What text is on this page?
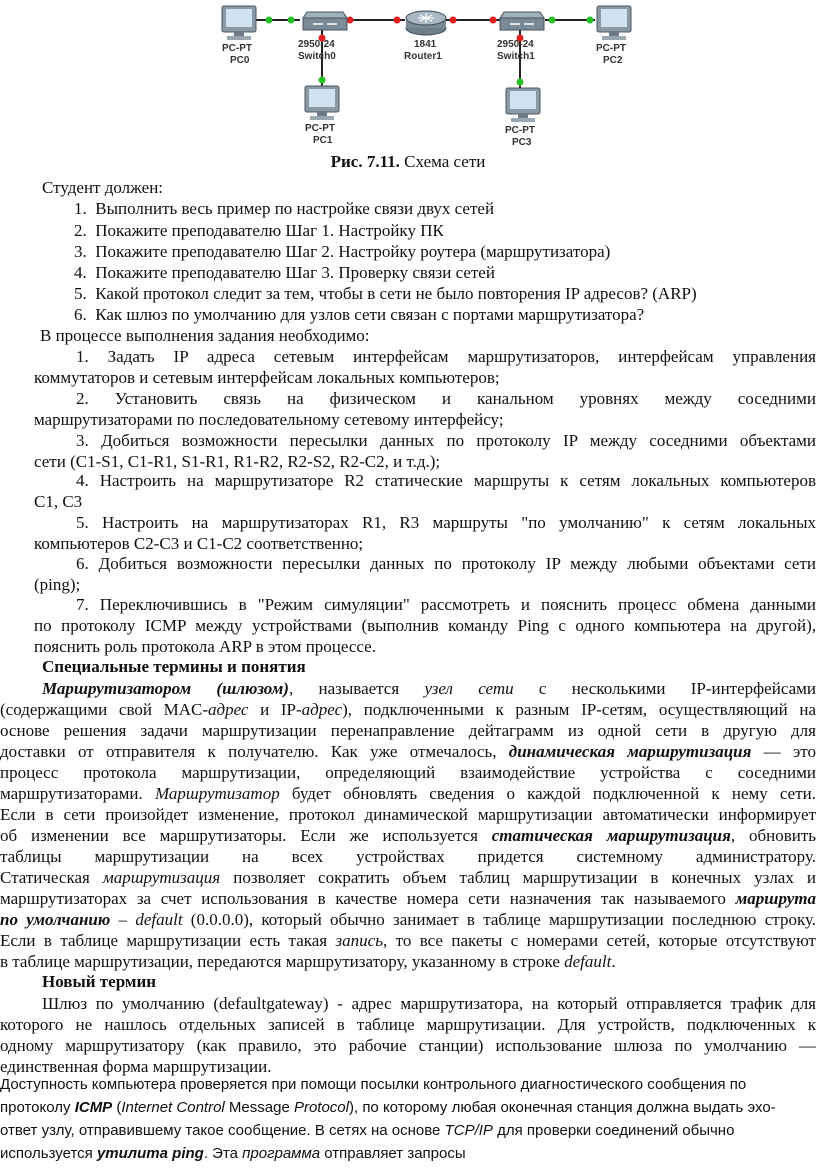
PC-PT
PC0
2950-24
Switch0
1841
Router1
2950-24
Switch1
PC-PT
PC2
PC-PT
PC1
PC-PT
PC3
Рис. 7.11. Схема сети
Студент должен:
1.  Выполнить весь пример по настройке связи двух сетей
2.  Покажите преподавателю Шаг 1. Настройку ПК
3.  Покажите преподавателю Шаг 2. Настройку роутера (маршрутизатора)
4.  Покажите преподавателю Шаг 3. Проверку связи сетей
5.  Какой протокол следит за тем, чтобы в сети не было повторения IP адресов? (ARP)
6.  Как шлюз по умолчанию для узлов сети связан с портами маршрутизатора?
В процессе выполнения задания необходимо:
1. Задать IP адреса сетевым интерфейсам маршрутизаторов, интерфейсам управления
коммутаторов и сетевым интерфейсам локальных компьютеров;
2. Установить связь на физическом и канальном уровнях между соседними
маршрутизаторами по последовательному сетевому интерфейсу;
3. Добиться возможности пересылки данных по протоколу IP между соседними объектами
сети (C1-S1, C1-R1, S1-R1, R1-R2, R2-S2, R2-C2, и т.д.);
4. Настроить на маршрутизаторе R2 статические маршруты к сетям локальных компьютеров
C1, C3
5. Настроить на маршрутизаторах R1, R3 маршруты "по умолчанию" к сетям локальных
компьютеров C2-C3 и C1-C2 соответственно;
6. Добиться возможности пересылки данных по протоколу IP между любыми объектами сети
(ping);
7. Переключившись в "Режим симуляции" рассмотреть и пояснить процесс обмена данными
по протоколу ICMP между устройствами (выполнив команду Ping с одного компьютера на другой),
пояснить роль протокола ARP в этом процессе.
Специальные термины и понятия
Маршрутизатором (шлюзом), называется узел сети с несколькими IP-интерфейсами
(содержащими свой MAC-адрес и IP-адрес), подключенными к разным IP-сетям, осуществляющий на
основе решения задачи маршрутизации перенаправление дейтаграмм из одной сети в другую для
доставки от отправителя к получателю. Как уже отмечалось, динамическая маршрутизация — это
процесс протокола маршрутизации, определяющий взаимодействие устройства с соседними
маршрутизаторами. Маршрутизатор будет обновлять сведения о каждой подключенной к нему сети.
Если в сети произойдет изменение, протокол динамической маршрутизации автоматически информирует
об изменении все маршрутизаторы. Если же используется статическая маршрутизация, обновить
таблицы маршрутизации на всех устройствах придется системному администратору.
Статическая маршрутизация позволяет сократить объем таблиц маршрутизации в конечных узлах и
маршрутизаторах за счет использования в качестве номера сети назначения так называемого маршрута
по умолчанию – default (0.0.0.0), который обычно занимает в таблице маршрутизации последнюю строку.
Если в таблице маршрутизации есть такая запись, то все пакеты с номерами сетей, которые отсутствуют
в таблице маршрутизации, передаются маршрутизатору, указанному в строке default.
Новый термин
Шлюз по умолчанию (defaultgateway) - адрес маршрутизатора, на который отправляется трафик для
которого не нашлось отдельных записей в таблице маршрутизации. Для устройств, подключенных к
одному маршрутизатору (как правило, это рабочие станции) использование шлюза по умолчанию —
единственная форма маршрутизации.
Доступность компьютера проверяется при помощи посылки контрольного диагностического сообщения по
протоколу ICMP (Internet Control Message Protocol), по которому любая оконечная станция должна выдать эхо-
ответ узлу, отправившему такое сообщение. В сетях на основе TCP/IP для проверки соединений обычно
используется утилита ping. Эта программа отправляет запросы
